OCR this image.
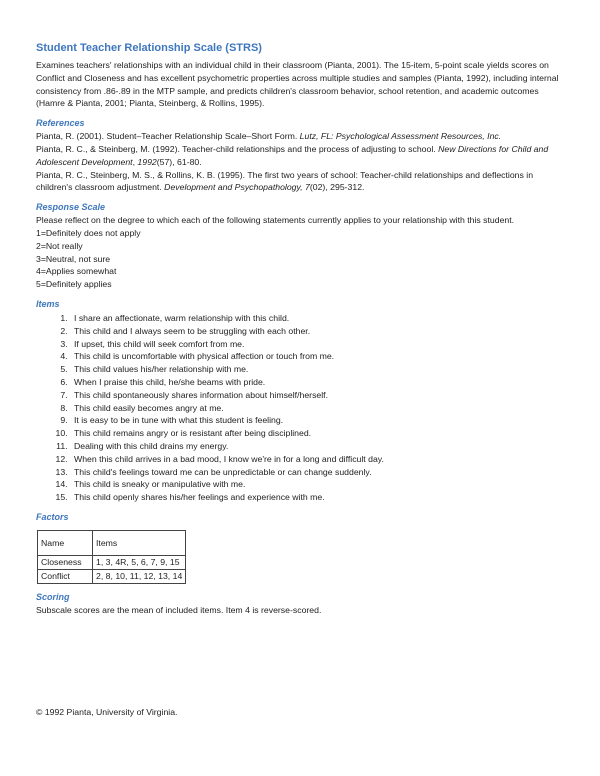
Student Teacher Relationship Scale (STRS)

Examines teachers' relationships with an individual child in their classroom (Pianta, 2001). The 15-item, 5-point scale yields scores on Conflict and Closeness and has excellent psychometric properties across multiple studies and samples (Pianta, 1992), including internal consistency from .86-.89 in the MTP sample, and predicts children's classroom behavior, school retention, and academic outcomes (Hamre & Pianta, 2001; Pianta, Steinberg, & Rollins, 1995).

References

Pianta, R. (2001). Student–Teacher Relationship Scale–Short Form. Lutz, FL: Psychological Assessment Resources, Inc.

Pianta, R. C., & Steinberg, M. (1992). Teacher-child relationships and the process of adjusting to school. New Directions for Child and Adolescent Development, 1992(57), 61-80.

Pianta, R. C., Steinberg, M. S., & Rollins, K. B. (1995). The first two years of school: Teacher-child relationships and deflections in children's classroom adjustment. Development and Psychopathology, 7(02), 295-312.

Response Scale

Please reflect on the degree to which each of the following statements currently applies to your relationship with this student.

1=Definitely does not apply

2=Not really

3=Neutral, not sure

4=Applies somewhat

5=Definitely applies

Items
1. I share an affectionate, warm relationship with this child.
2. This child and I always seem to be struggling with each other.
3. If upset, this child will seek comfort from me.
4. This child is uncomfortable with physical affection or touch from me.
5. This child values his/her relationship with me.
6. When I praise this child, he/she beams with pride.
7. This child spontaneously shares information about himself/herself.
8. This child easily becomes angry at me.
9. It is easy to be in tune with what this student is feeling.
10. This child remains angry or is resistant after being disciplined.
11. Dealing with this child drains my energy.
12. When this child arrives in a bad mood, I know we're in for a long and difficult day.
13. This child's feelings toward me can be unpredictable or can change suddenly.
14. This child is sneaky or manipulative with me.
15. This child openly shares his/her feelings and experience with me.
Factors
Name	Items
Closeness	1, 3, 4R, 5, 6, 7, 9, 15
Conflict	2, 8, 10, 11, 12, 13, 14
Scoring

Subscale scores are the mean of included items. Item 4 is reverse-scored.

© 1992 Pianta, University of Virginia.
